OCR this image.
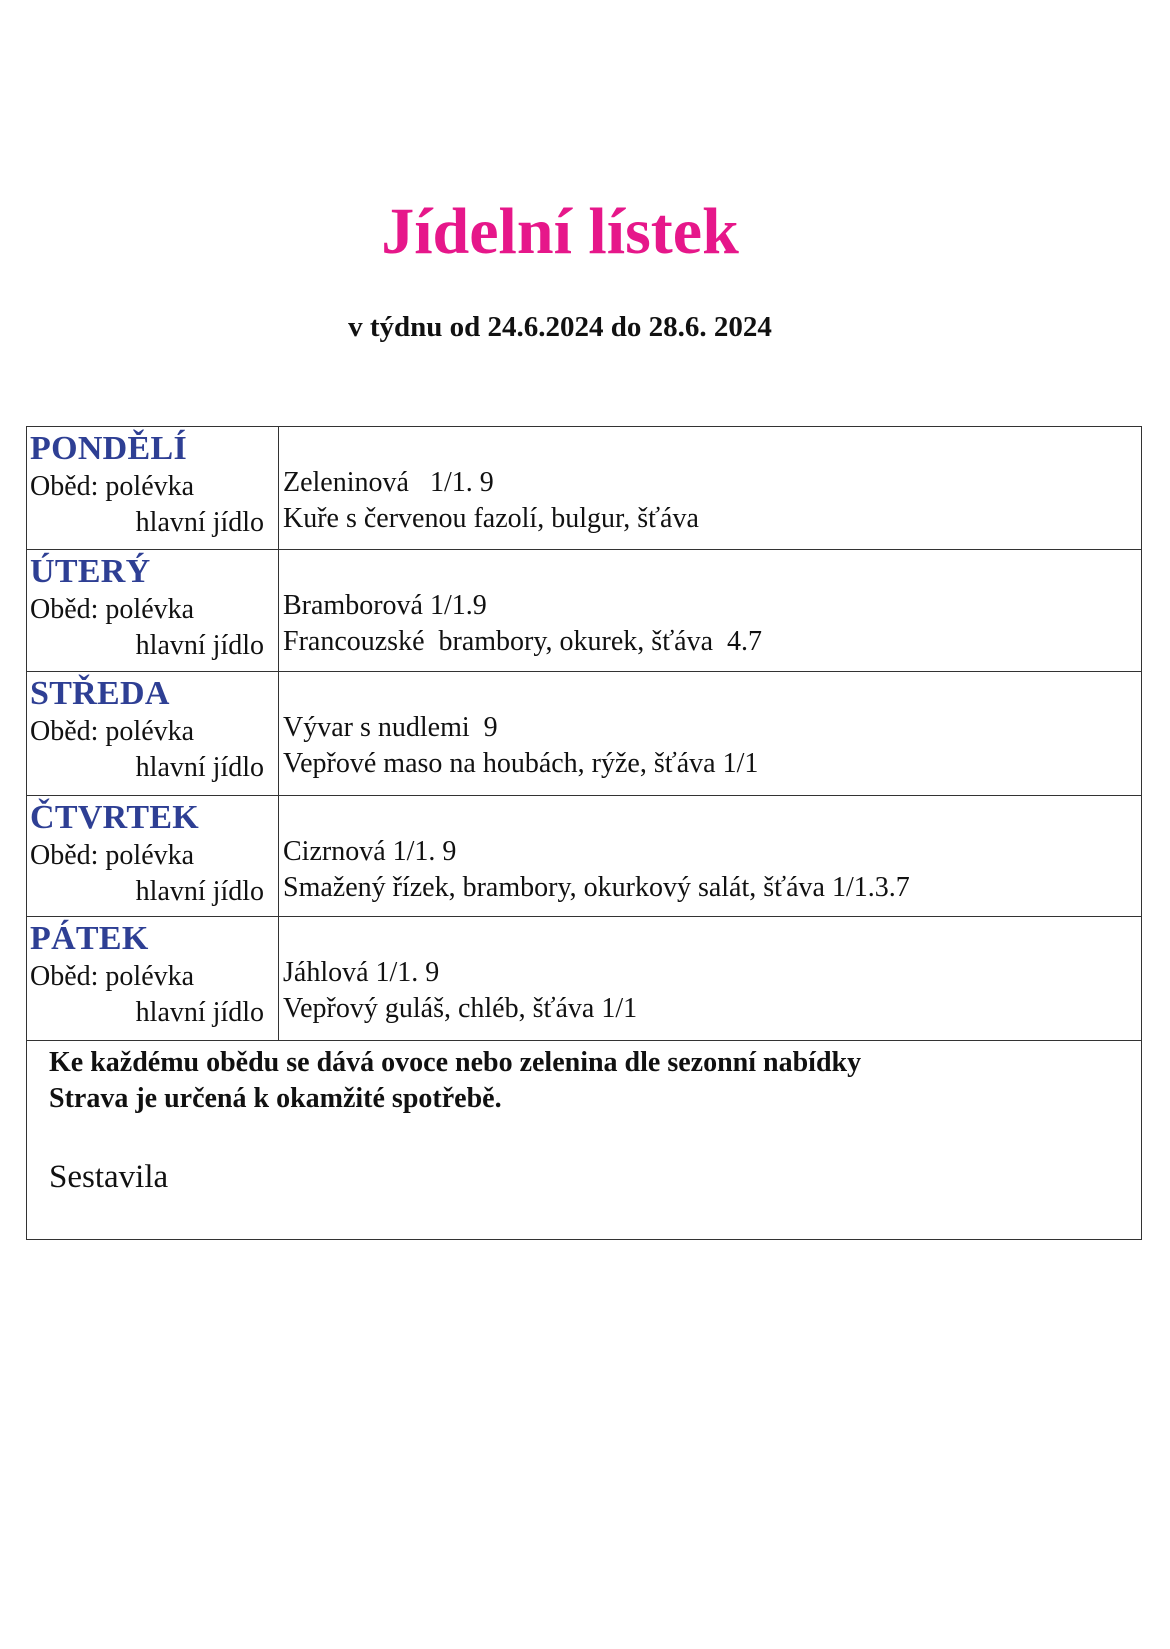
Jídelní lístek

v týdnu od 24.6.2024 do 28.6. 2024

PONDĚLÍ
Oběd: polévka
hlavní jídlo
Zeleninová   1/1. 9
Kuře s červenou fazolí, bulgur, šťáva
ÚTERÝ
Oběd: polévka
hlavní jídlo
Bramborová 1/1.9
Francouzské  brambory, okurek, šťáva  4.7
STŘEDA
Oběd: polévka
hlavní jídlo
Vývar s nudlemi  9
Vepřové maso na houbách, rýže, šťáva 1/1
ČTVRTEK
Oběd: polévka
hlavní jídlo
Cizrnová 1/1. 9
Smažený řízek, brambory, okurkový salát, šťáva 1/1.3.7
PÁTEK
Oběd: polévka
hlavní jídlo
Jáhlová 1/1. 9
Vepřový guláš, chléb, šťáva 1/1
Ke každému obědu se dává ovoce nebo zelenina dle sezonní nabídky
Strava je určená k okamžité spotřebě.
Sestavila
